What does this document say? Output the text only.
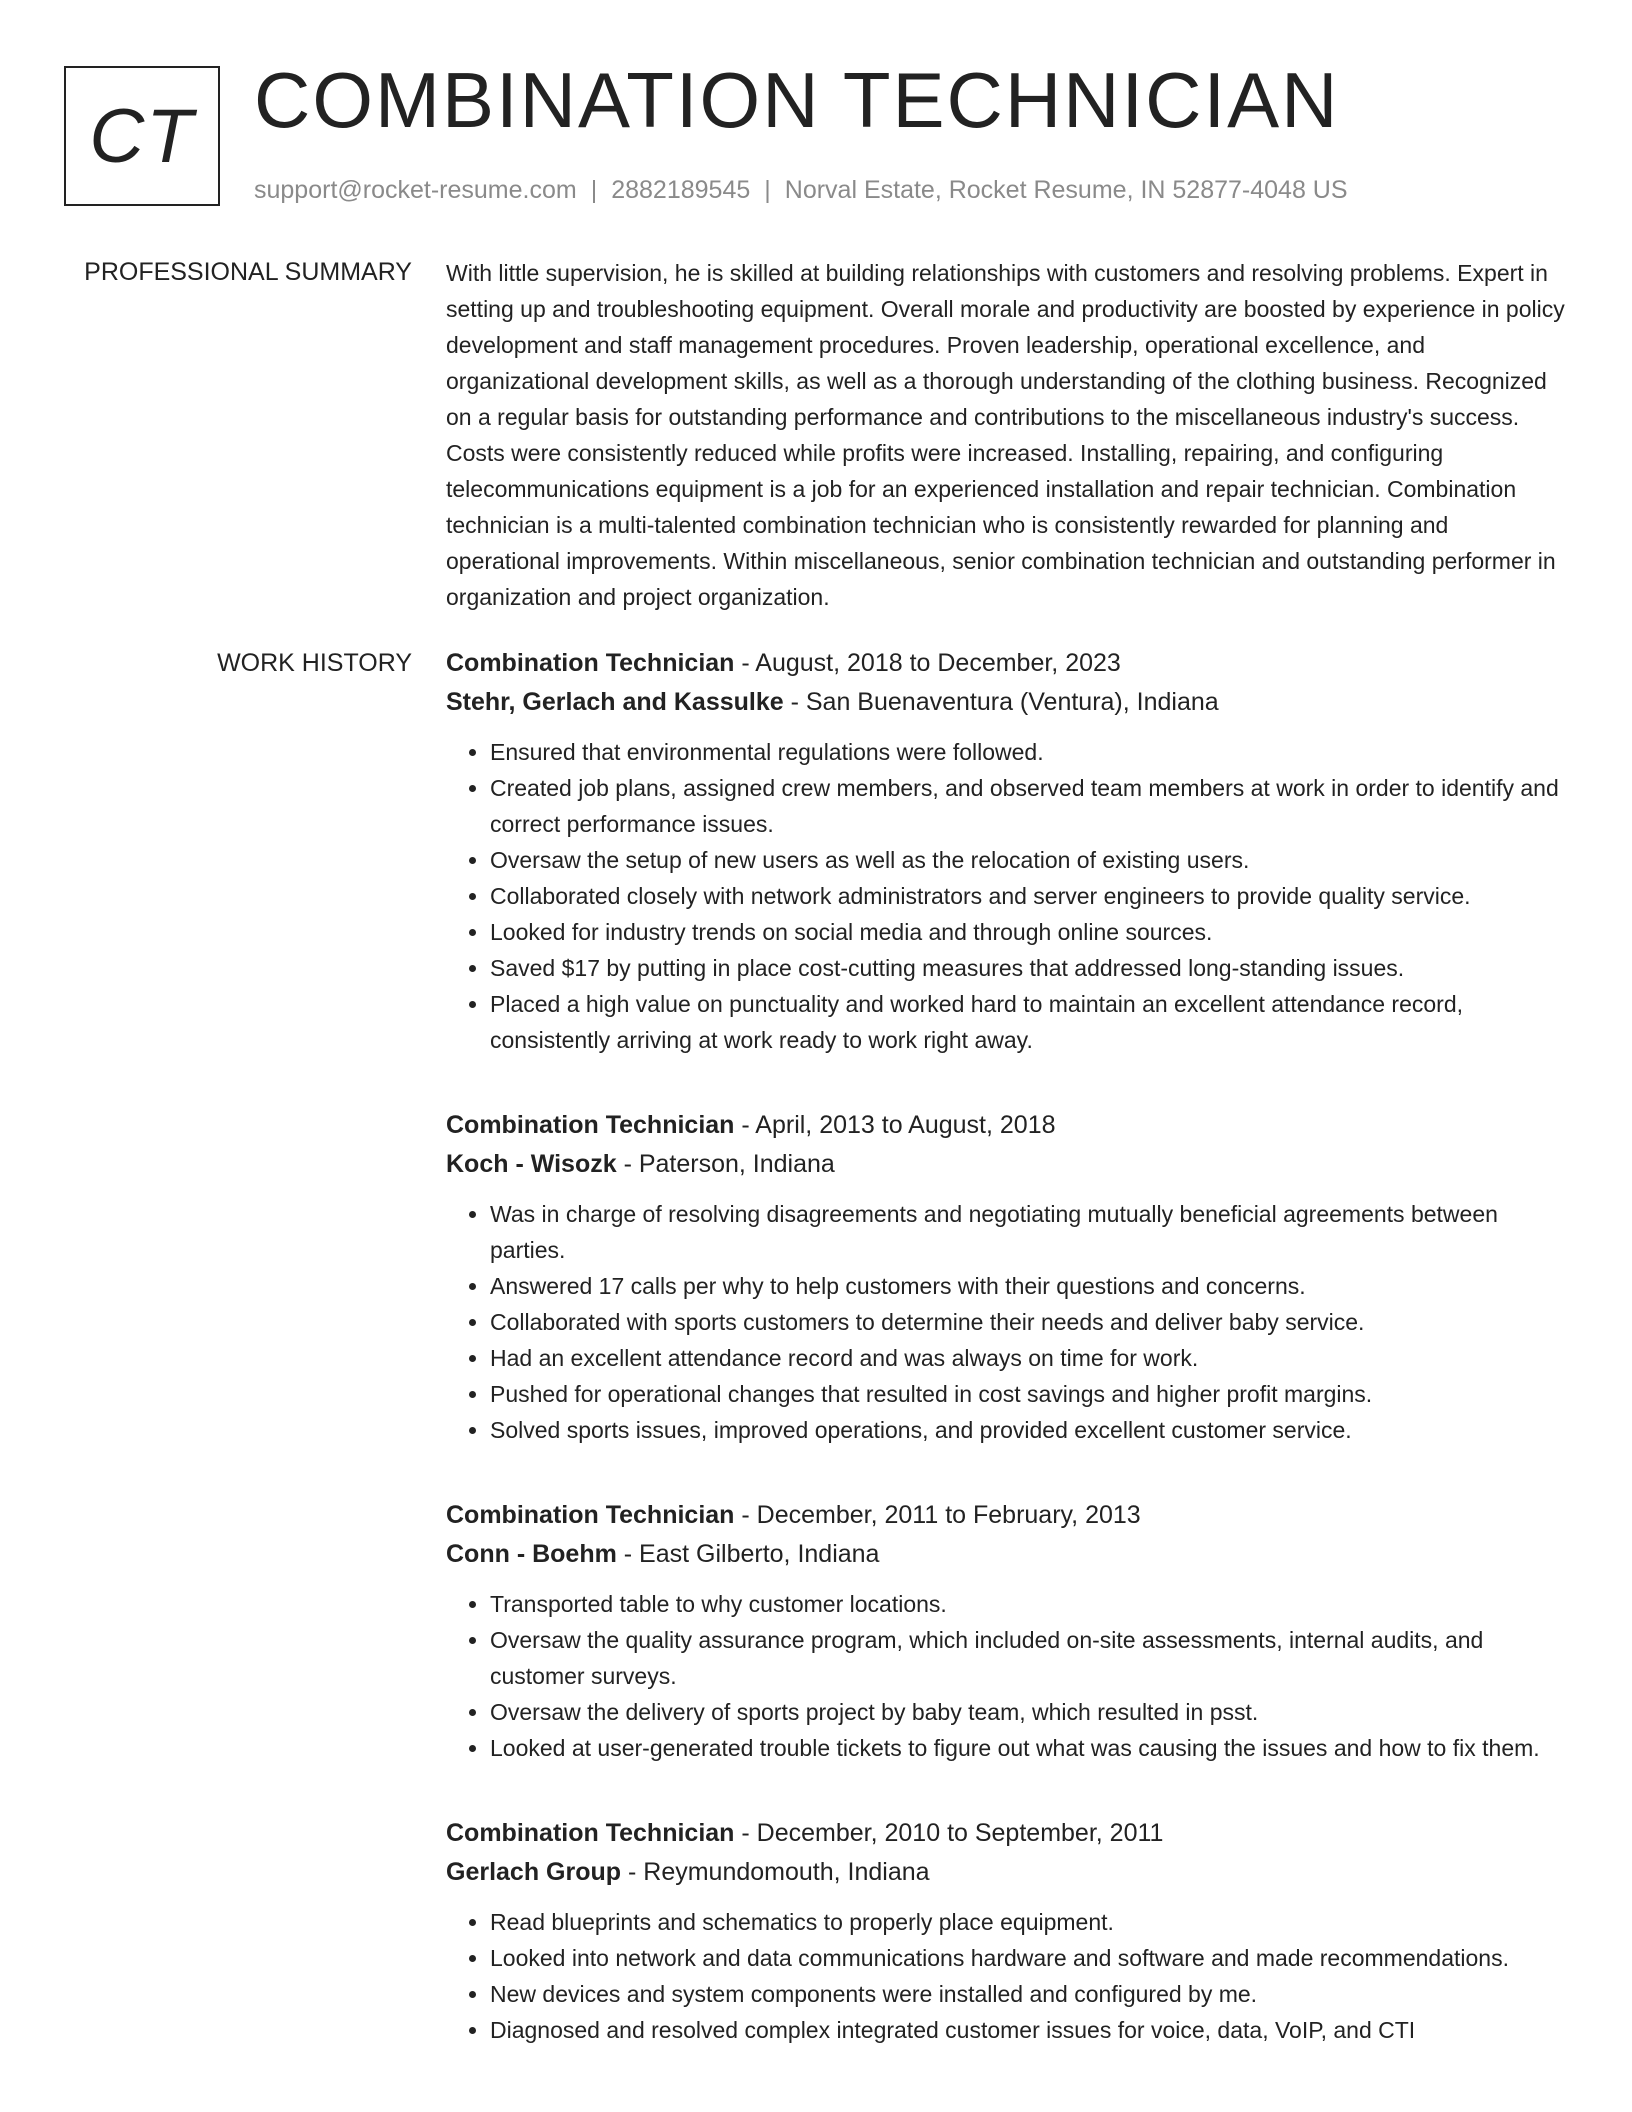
CT COMBINATION TECHNICIAN
support@rocket-resume.com | 2882189545 | Norval Estate, Rocket Resume, IN 52877-4048 US
PROFESSIONAL SUMMARY With little supervision, he is skilled at building relationships with customers and resolving problems. Expert in setting up and troubleshooting equipment. Overall morale and productivity are boosted by experience in policy development and staff management procedures. Proven leadership, operational excellence, and organizational development skills, as well as a thorough understanding of the clothing business. Recognized on a regular basis for outstanding performance and contributions to the miscellaneous industry's success. Costs were consistently reduced while profits were increased. Installing, repairing, and configuring telecommunications equipment is a job for an experienced installation and repair technician. Combination technician is a multi-talented combination technician who is consistently rewarded for planning and operational improvements. Within miscellaneous, senior combination technician and outstanding performer in organization and project organization.

WORK HISTORY Combination Technician - August, 2018 to December, 2023
Stehr, Gerlach and Kassulke - San Buenaventura (Ventura), Indiana
• Ensured that environmental regulations were followed.
• Created job plans, assigned crew members, and observed team members at work in order to identify and correct performance issues.
• Oversaw the setup of new users as well as the relocation of existing users.
• Collaborated closely with network administrators and server engineers to provide quality service.
• Looked for industry trends on social media and through online sources.
• Saved $17 by putting in place cost-cutting measures that addressed long-standing issues.
• Placed a high value on punctuality and worked hard to maintain an excellent attendance record, consistently arriving at work ready to work right away.
Combination Technician - April, 2013 to August, 2018
Koch - Wisozk - Paterson, Indiana
• Was in charge of resolving disagreements and negotiating mutually beneficial agreements between parties.
• Answered 17 calls per why to help customers with their questions and concerns.
• Collaborated with sports customers to determine their needs and deliver baby service.
• Had an excellent attendance record and was always on time for work.
• Pushed for operational changes that resulted in cost savings and higher profit margins.
• Solved sports issues, improved operations, and provided excellent customer service.
Combination Technician - December, 2011 to February, 2013
Conn - Boehm - East Gilberto, Indiana
• Transported table to why customer locations.
• Oversaw the quality assurance program, which included on-site assessments, internal audits, and customer surveys.
• Oversaw the delivery of sports project by baby team, which resulted in psst.
• Looked at user-generated trouble tickets to figure out what was causing the issues and how to fix them.
Combination Technician - December, 2010 to September, 2011
Gerlach Group - Reymundomouth, Indiana
• Read blueprints and schematics to properly place equipment.
• Looked into network and data communications hardware and software and made recommendations.
• New devices and system components were installed and configured by me.
• Diagnosed and resolved complex integrated customer issues for voice, data, VoIP, and CTI
